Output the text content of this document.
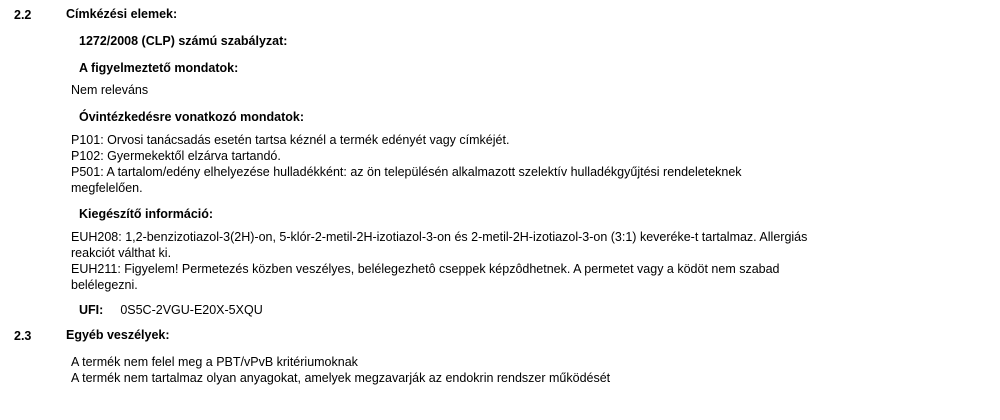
2.2	Címkézési elemek:
1272/2008 (CLP) számú szabályzat:
A figyelmeztető mondatok:
Nem releváns
Óvintézkedésre vonatkozó mondatok:
P101: Orvosi tanácsadás esetén tartsa kéznél a termék edényét vagy címkéjét.
P102: Gyermekektől elzárva tartandó.
P501: A tartalom/edény elhelyezése hulladékként: az ön településén alkalmazott szelektív hulladékgyűjtési rendeleteknek
megfelelően.
Kiegészítő információ:
EUH208: 1,2-benzizotiazol-3(2H)-on, 5-klór-2-metil-2H-izotiazol-3-on és 2-metil-2H-izotiazol-3-on (3:1) keveréke-t tartalmaz. Allergiás
reakciót válthat ki.
EUH211: Figyelem! Permetezés közben veszélyes, belélegezhetô cseppek képzôdhetnek. A permetet vagy a ködöt nem szabad
belélegezni.
UFI: 0S5C-2VGU-E20X-5XQU
2.3	Egyéb veszélyek:
A termék nem felel meg a PBT/vPvB kritériumoknak
A termék nem tartalmaz olyan anyagokat, amelyek megzavarják az endokrin rendszer működését
